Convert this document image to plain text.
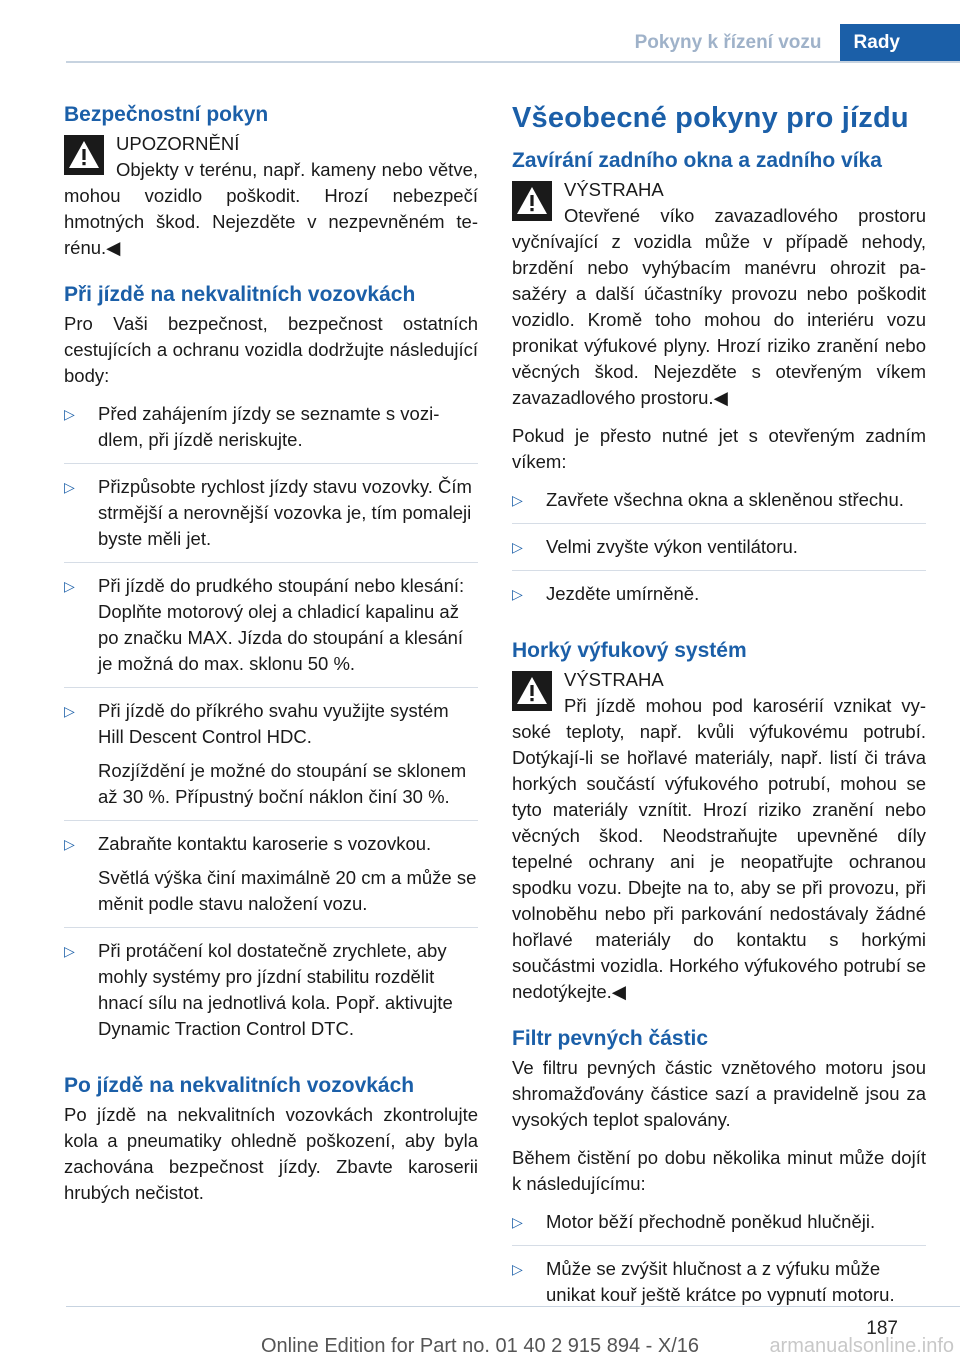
Pokyny k řízení vozu	Rady
Bezpečnostní pokyn

UPOZORNĚNÍ
Objekty v terénu, např. kameny nebo větve, mohou vozidlo poškodit. Hrozí nebezpečí hmotných škod. Nejezděte v nezpevněném terénu.◀

Při jízdě na nekvalitních vozovkách

Pro Vaši bezpečnost, bezpečnost ostatních cestujících a ochranu vozidla dodržujte následující body:

▷ Před zahájením jízdy se seznamte s vozidlem, při jízdě neriskujte.
▷ Přizpůsobte rychlost jízdy stavu vozovky. Čím strmější a nerovnější vozovka je, tím pomaleji byste měli jet.
▷ Při jízdě do prudkého stoupání nebo klesání: Doplňte motorový olej a chladicí kapalinu až po značku MAX. Jízda do stoupání a klesání je možná do max. sklonu 50 %.
▷ Při jízdě do příkrého svahu využijte systém Hill Descent Control HDC.
Rozjíždění je možné do stoupání se sklonem až 30 %. Přípustný boční náklon činí 30 %.
▷ Zabraňte kontaktu karoserie s vozovkou.
Světlá výška činí maximálně 20 cm a může se měnit podle stavu naložení vozu.
▷ Při protáčení kol dostatečně zrychlete, aby mohly systémy pro jízdní stabilitu rozdělit hnací sílu na jednotlivá kola. Popř. aktivujte Dynamic Traction Control DTC.
Po jízdě na nekvalitních vozovkách

Po jízdě na nekvalitních vozovkách zkontrolujte kola a pneumatiky ohledně poškození, aby byla zachována bezpečnost jízdy. Zbavte karoserii hrubých nečistot.

Všeobecné pokyny pro jízdu
Zavírání zadního okna a zadního víka

VÝSTRAHA
Otevřené víko zavazadlového prostoru vyčnívající z vozidla může v případě nehody, brzdění nebo vyhýbacím manévru ohrozit pasažéry a další účastníky provozu nebo poškodit vozidlo. Kromě toho mohou do interiéru vozu pronikat výfukové plyny. Hrozí riziko zranění nebo věcných škod. Nejezděte s otevřeným víkem zavazadlového prostoru.◀

Pokud je přesto nutné jet s otevřeným zadním víkem:

▷ Zavřete všechna okna a skleněnou střechu.
▷ Velmi zvyšte výkon ventilátoru.
▷ Jezděte umírněně.
Horký výfukový systém

VÝSTRAHA
Při jízdě mohou pod karosérií vznikat vysoké teploty, např. kvůli výfukovému potrubí. Dotýkají-li se hořlavé materiály, např. listí či tráva horkých součástí výfukového potrubí, mohou se tyto materiály vznítit. Hrozí riziko zranění nebo věcných škod. Neodstraňujte upevněné díly tepelné ochrany ani je neopatřujte ochranou spodku vozu. Dbejte na to, aby se při provozu, při volnoběhu nebo při parkování nedostávaly žádné hořlavé materiály do kontaktu s horkými součástmi vozidla. Horkého výfukového potrubí se nedotýkejte.◀

Filtr pevných částic

Ve filtru pevných částic vznětového motoru jsou shromažďovány částice sazí a pravidelně jsou za vysokých teplot spalovány.

Během čistění po dobu několika minut může dojít k následujícímu:

▷ Motor běží přechodně poněkud hlučněji.
▷ Může se zvýšit hlučnost a z výfuku může unikat kouř ještě krátce po vypnutí motoru.
187
Online Edition for Part no. 01 40 2 915 894 - X/16	armanualsonline.info
